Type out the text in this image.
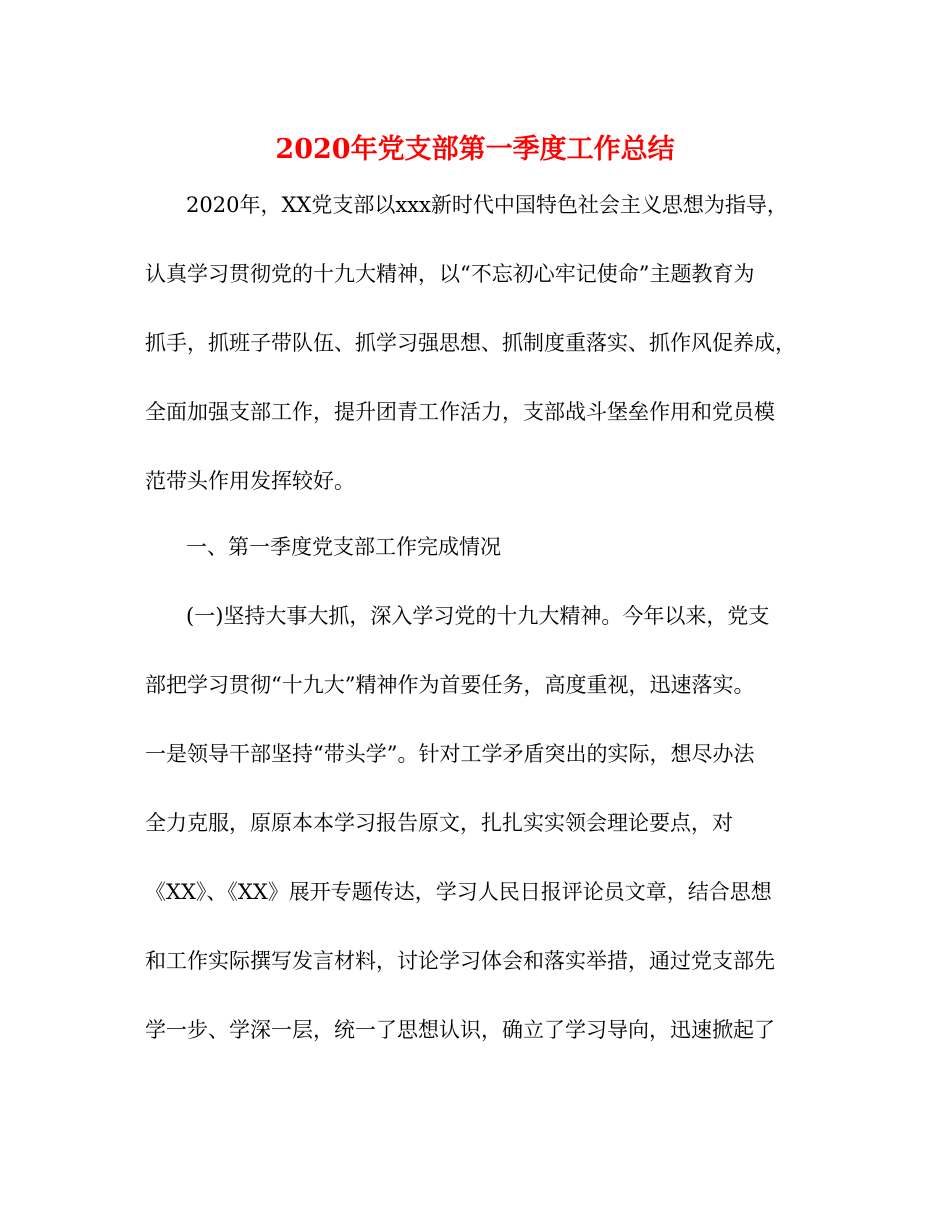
2020年党支部第一季度工作总结

2020年，XX党支部以xxx新时代中国特色社会主义思想为指导，

认真学习贯彻党的十九大精神，以“不忘初心牢记使命”主题教育为

抓手，抓班子带队伍、抓学习强思想、抓制度重落实、抓作风促养成，

全面加强支部工作，提升团青工作活力，支部战斗堡垒作用和党员模

范带头作用发挥较好。

一、第一季度党支部工作完成情况

(一)坚持大事大抓，深入学习党的十九大精神。今年以来，党支

部把学习贯彻“十九大”精神作为首要任务，高度重视，迅速落实。

一是领导干部坚持“带头学”。针对工学矛盾突出的实际，想尽办法

全力克服，原原本本学习报告原文，扎扎实实领会理论要点，对

《XX》、《XX》展开专题传达，学习人民日报评论员文章，结合思想

和工作实际撰写发言材料，讨论学习体会和落实举措，通过党支部先

学一步、学深一层，统一了思想认识，确立了学习导向，迅速掀起了
